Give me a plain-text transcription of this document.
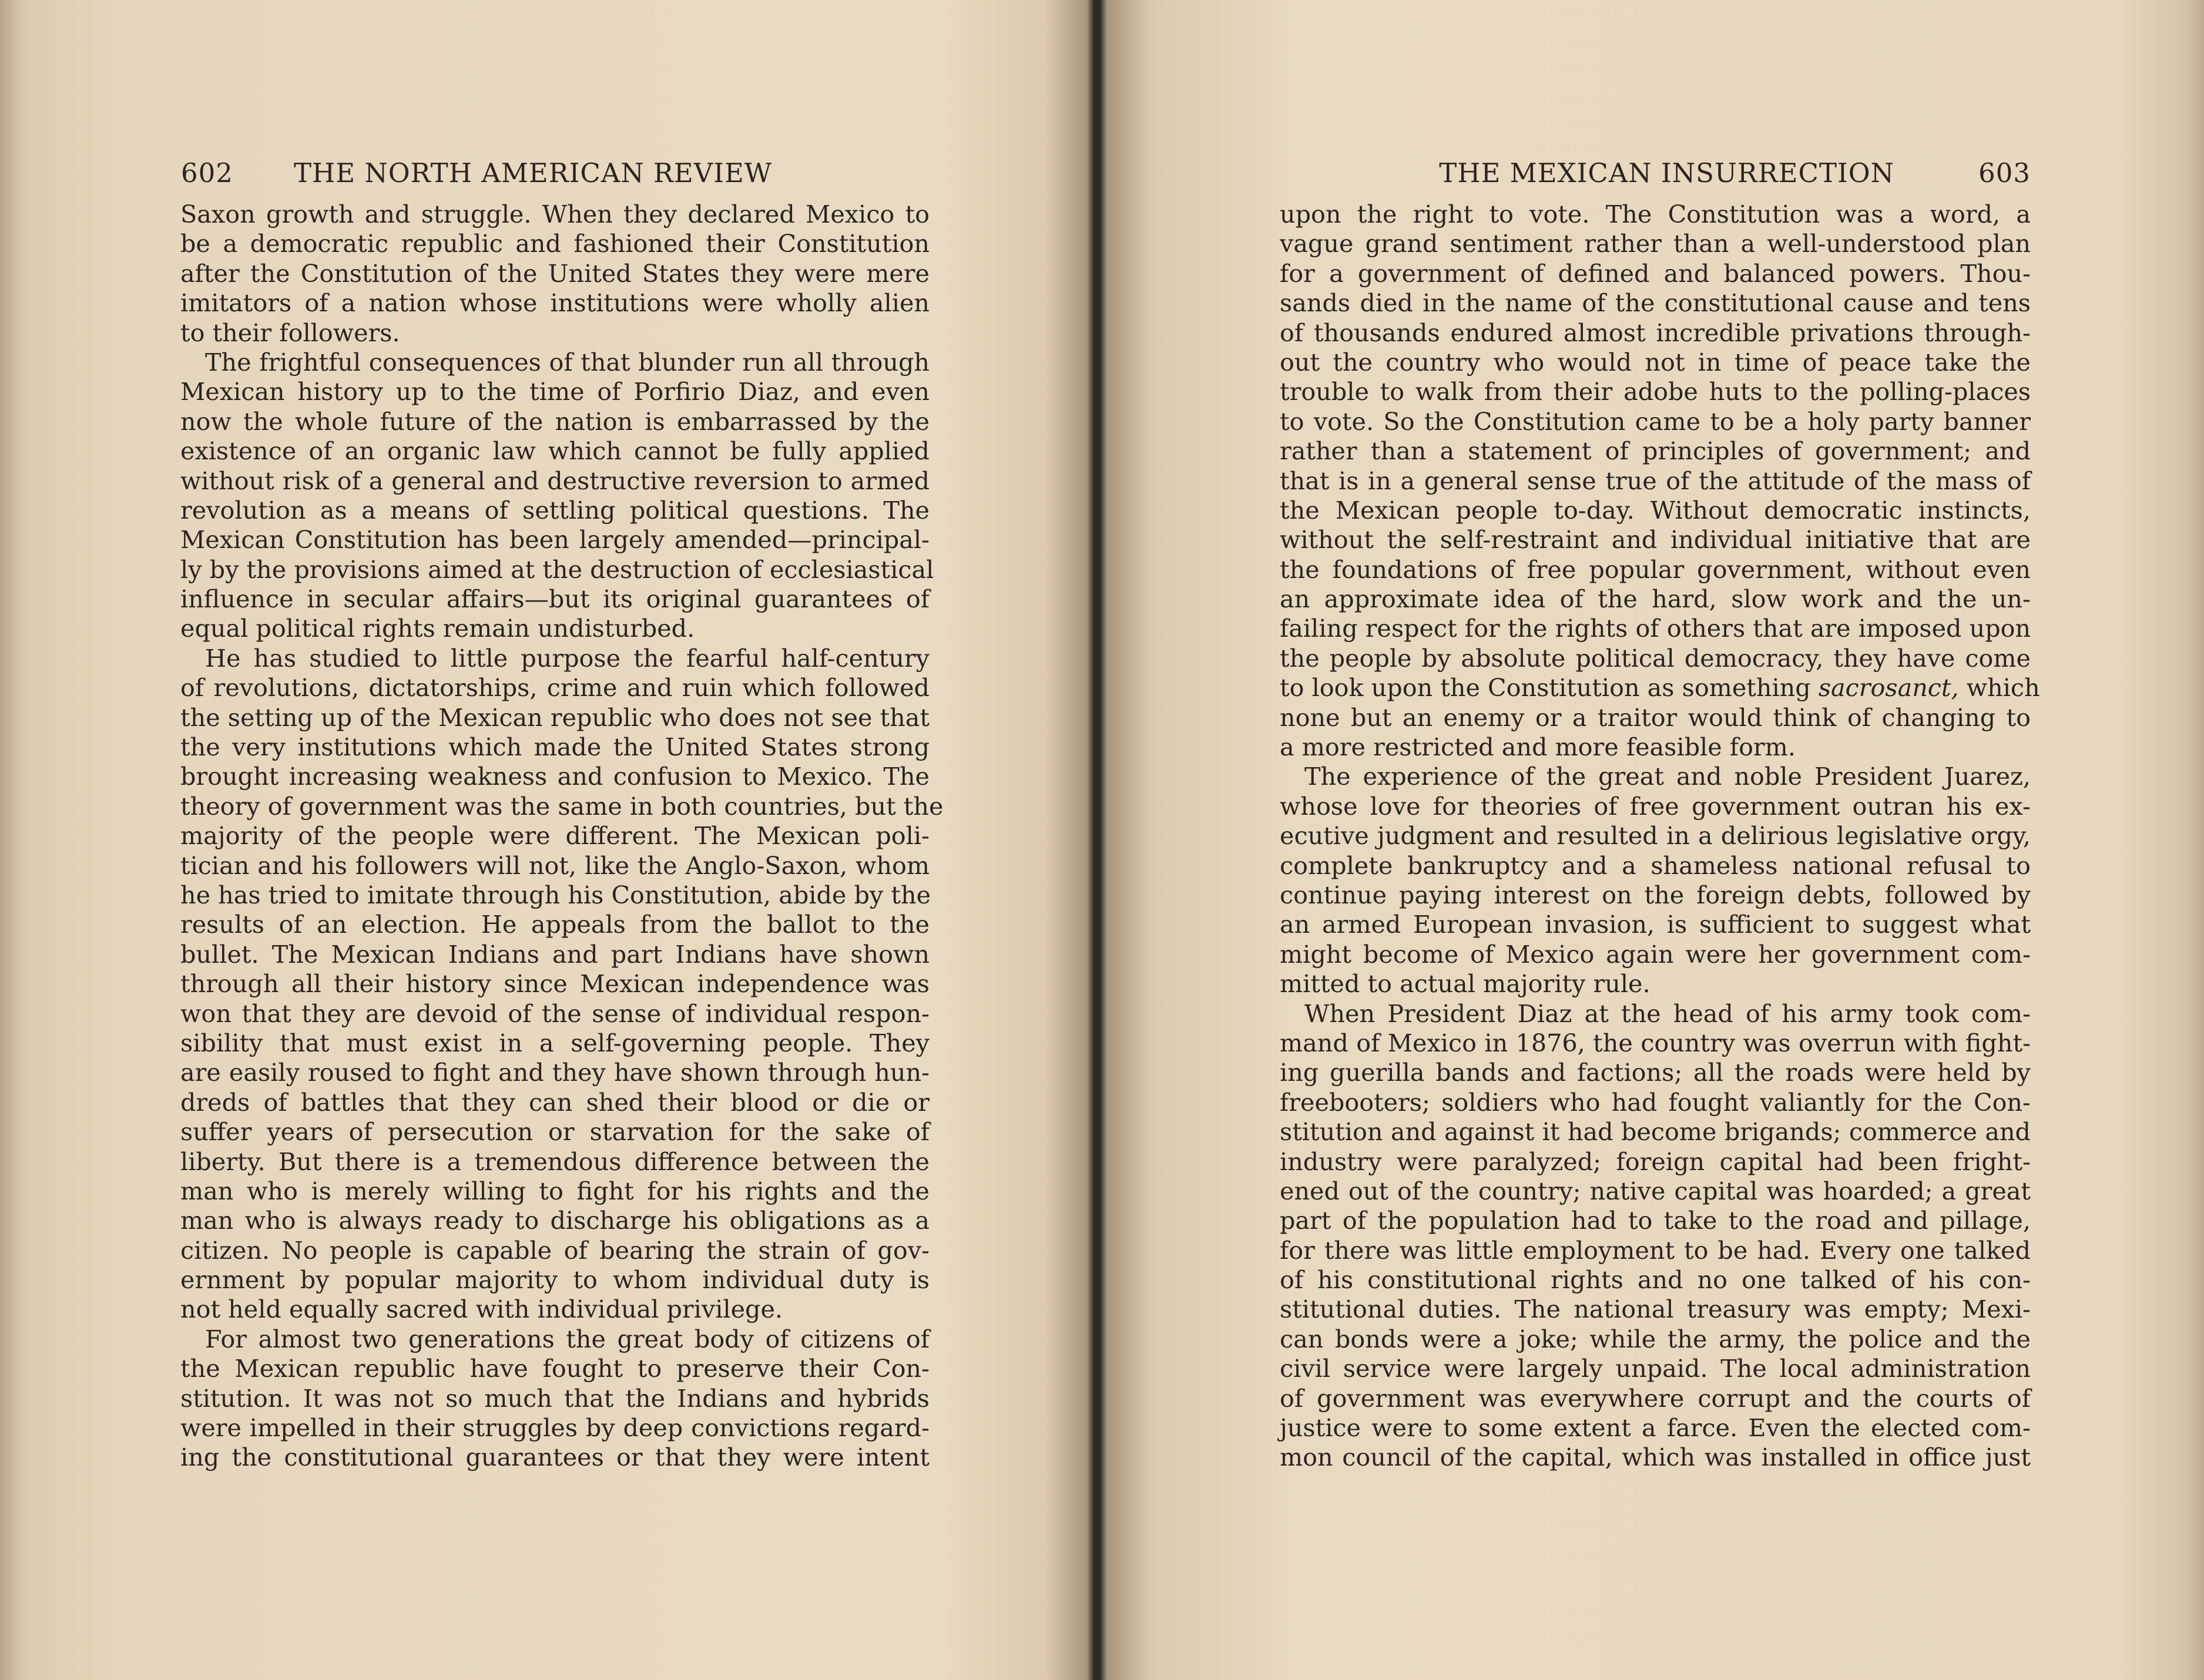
602 THE NORTH AMERICAN REVIEW
Saxon growth and struggle. When they declared Mexico to
be a democratic republic and fashioned their Constitution
after the Constitution of the United States they were mere
imitators of a nation whose institutions were wholly alien
to their followers.
The frightful consequences of that blunder run all through
Mexican history up to the time of Porfirio Diaz, and even
now the whole future of the nation is embarrassed by the
existence of an organic law which cannot be fully applied
without risk of a general and destructive reversion to armed
revolution as a means of settling political questions. The
Mexican Constitution has been largely amended—principal-
ly by the provisions aimed at the destruction of ecclesiastical
influence in secular affairs—but its original guarantees of
equal political rights remain undisturbed.
He has studied to little purpose the fearful half-century
of revolutions, dictatorships, crime and ruin which followed
the setting up of the Mexican republic who does not see that
the very institutions which made the United States strong
brought increasing weakness and confusion to Mexico. The
theory of government was the same in both countries, but the
majority of the people were different. The Mexican poli-
tician and his followers will not, like the Anglo-Saxon, whom
he has tried to imitate through his Constitution, abide by the
results of an election. He appeals from the ballot to the
bullet. The Mexican Indians and part Indians have shown
through all their history since Mexican independence was
won that they are devoid of the sense of individual respon-
sibility that must exist in a self-governing people. They
are easily roused to fight and they have shown through hun-
dreds of battles that they can shed their blood or die or
suffer years of persecution or starvation for the sake of
liberty. But there is a tremendous difference between the
man who is merely willing to fight for his rights and the
man who is always ready to discharge his obligations as a
citizen. No people is capable of bearing the strain of gov-
ernment by popular majority to whom individual duty is
not held equally sacred with individual privilege.
For almost two generations the great body of citizens of
the Mexican republic have fought to preserve their Con-
stitution. It was not so much that the Indians and hybrids
were impelled in their struggles by deep convictions regard-
ing the constitutional guarantees or that they were intent
THE MEXICAN INSURRECTION	603
upon the right to vote. The Constitution was a word, a
vague grand sentiment rather than a well-understood plan
for a government of defined and balanced powers. Thou-
sands died in the name of the constitutional cause and tens
of thousands endured almost incredible privations through-
out the country who would not in time of peace take the
trouble to walk from their adobe huts to the polling-places
to vote. So the Constitution came to be a holy party banner
rather than a statement of principles of government; and
that is in a general sense true of the attitude of the mass of
the Mexican people to-day. Without democratic instincts,
without the self-restraint and individual initiative that are
the foundations of free popular government, without even
an approximate idea of the hard, slow work and the un-
failing respect for the rights of others that are imposed upon
the people by absolute political democracy, they have come
to look upon the Constitution as something sacrosanct, which
none but an enemy or a traitor would think of changing to
a more restricted and more feasible form.
The experience of the great and noble President Juarez,
whose love for theories of free government outran his ex-
ecutive judgment and resulted in a delirious legislative orgy,
complete bankruptcy and a shameless national refusal to
continue paying interest on the foreign debts, followed by
an armed European invasion, is sufficient to suggest what
might become of Mexico again were her government com-
mitted to actual majority rule.
When President Diaz at the head of his army took com-
mand of Mexico in 1876, the country was overrun with fight-
ing guerilla bands and factions; all the roads were held by
freebooters; soldiers who had fought valiantly for the Con-
stitution and against it had become brigands; commerce and
industry were paralyzed; foreign capital had been fright-
ened out of the country; native capital was hoarded; a great
part of the population had to take to the road and pillage,
for there was little employment to be had. Every one talked
of his constitutional rights and no one talked of his con-
stitutional duties. The national treasury was empty; Mexi-
can bonds were a joke; while the army, the police and the
civil service were largely unpaid. The local administration
of government was everywhere corrupt and the courts of
justice were to some extent a farce. Even the elected com-
mon council of the capital, which was installed in office just
